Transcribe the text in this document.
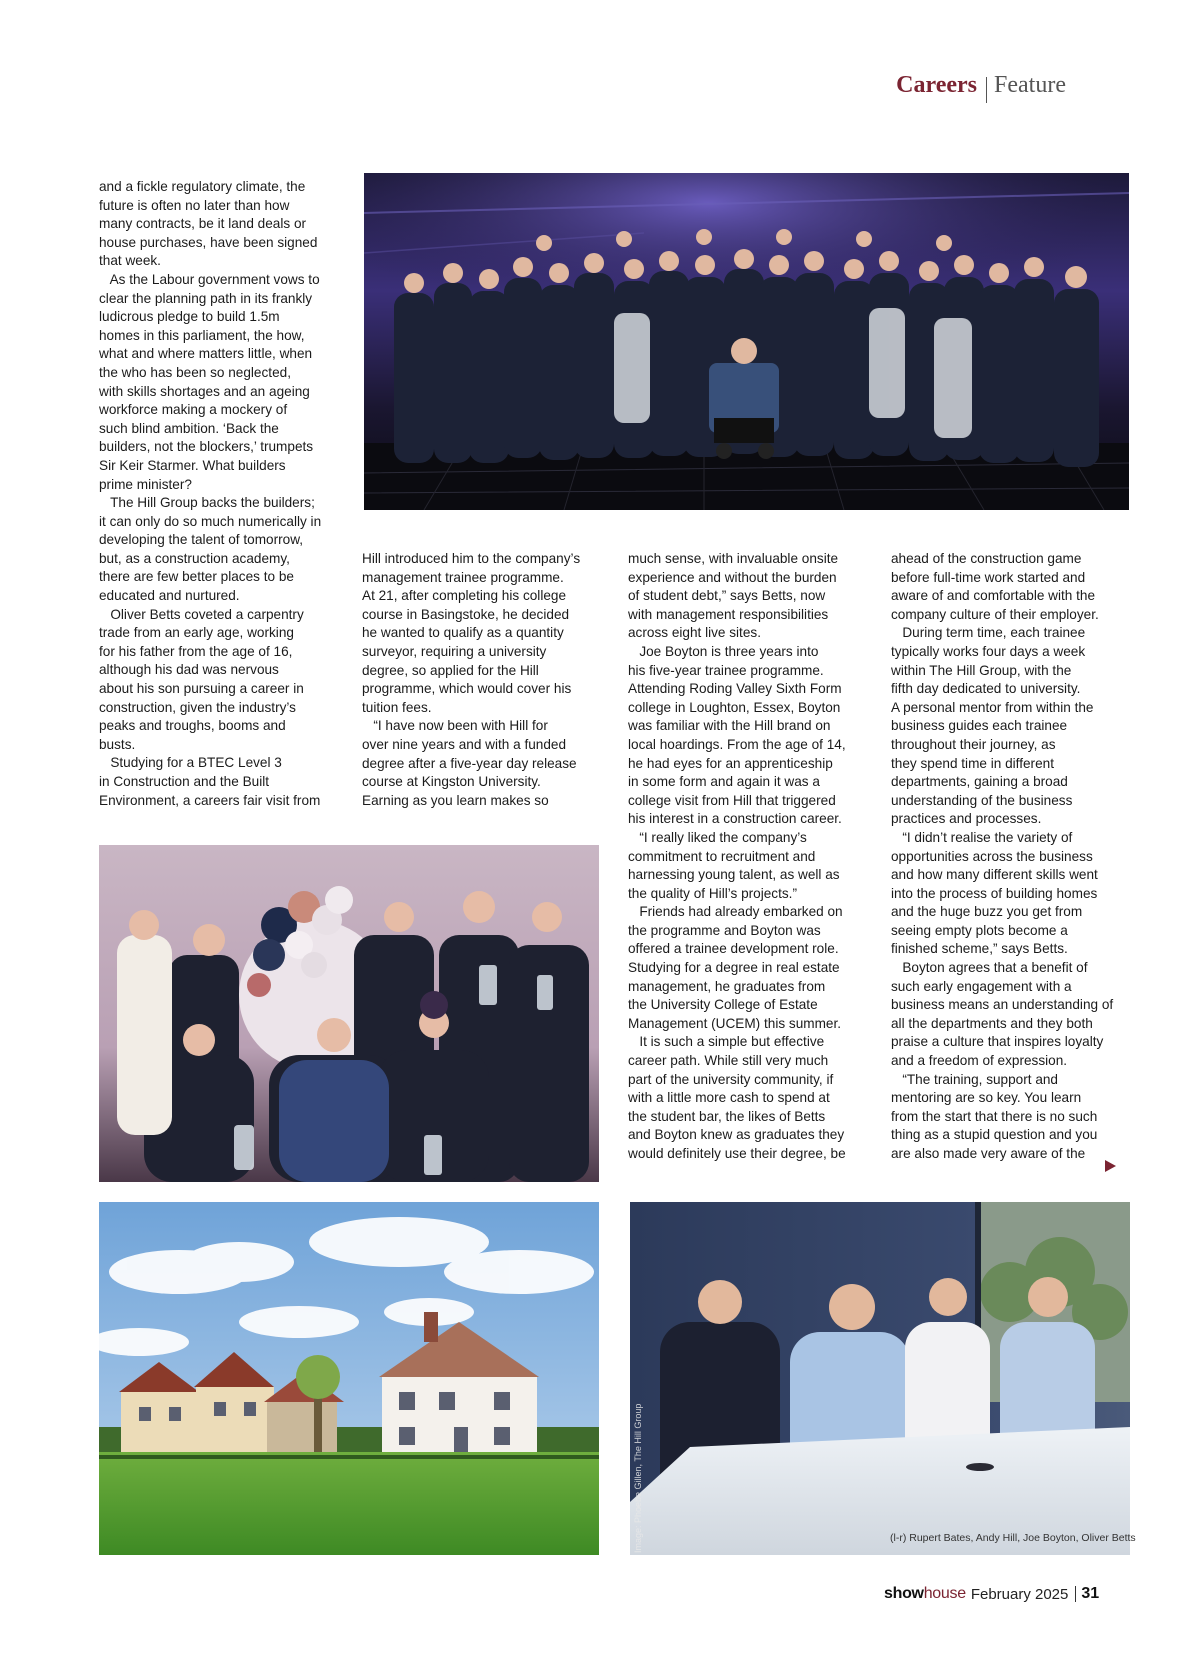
Careers Feature

and a fickle regulatory climate, the

future is often no later than how

many contracts, be it land deals or

house purchases, have been signed

that week.

As the Labour government vows to

clear the planning path in its frankly

ludicrous pledge to build 1.5m

homes in this parliament, the how,

what and where matters little, when

the who has been so neglected,

with skills shortages and an ageing

workforce making a mockery of

such blind ambition. ‘Back the

builders, not the blockers,’ trumpets

Sir Keir Starmer. What builders

prime minister?

The Hill Group backs the builders;

it can only do so much numerically in

developing the talent of tomorrow,

but, as a construction academy,

there are few better places to be

educated and nurtured.

Oliver Betts coveted a carpentry

trade from an early age, working

for his father from the age of 16,

although his dad was nervous

about his son pursuing a career in

construction, given the industry’s

peaks and troughs, booms and

busts.

Studying for a BTEC Level 3

in Construction and the Built

Environment, a careers fair visit from

Hill introduced him to the company’s

management trainee programme.

At 21, after completing his college

course in Basingstoke, he decided

he wanted to qualify as a quantity

surveyor, requiring a university

degree, so applied for the Hill

programme, which would cover his

tuition fees.

“I have now been with Hill for

over nine years and with a funded

degree after a five-year day release

course at Kingston University.

Earning as you learn makes so

much sense, with invaluable onsite

experience and without the burden

of student debt,” says Betts, now

with management responsibilities

across eight live sites.

Joe Boyton is three years into

his five-year trainee programme.

Attending Roding Valley Sixth Form

college in Loughton, Essex, Boyton

was familiar with the Hill brand on

local hoardings. From the age of 14,

he had eyes for an apprenticeship

in some form and again it was a

college visit from Hill that triggered

his interest in a construction career.

“I really liked the company’s

commitment to recruitment and

harnessing young talent, as well as

the quality of Hill’s projects.”

Friends had already embarked on

the programme and Boyton was

offered a trainee development role.

Studying for a degree in real estate

management, he graduates from

the University College of Estate

Management (UCEM) this summer.

It is such a simple but effective

career path. While still very much

part of the university community, if

with a little more cash to spend at

the student bar, the likes of Betts

and Boyton knew as graduates they

would definitely use their degree, be

ahead of the construction game

before full-time work started and

aware of and comfortable with the

company culture of their employer.

During term time, each trainee

typically works four days a week

within The Hill Group, with the

fifth day dedicated to university.

A personal mentor from within the

business guides each trainee

throughout their journey, as

they spend time in different

departments, gaining a broad

understanding of the business

practices and processes.

“I didn’t realise the variety of

opportunities across the business

and how many different skills went

into the process of building homes

and the huge buzz you get from

seeing empty plots become a

finished scheme,” says Betts.

Boyton agrees that a benefit of

such early engagement with a

business means an understanding of

all the departments and they both

praise a culture that inspires loyalty

and a freedom of expression.

“The training, support and

mentoring are so key. You learn

from the start that there is no such

thing as a stupid question and you

are also made very aware of the

(l-r) Rupert Bates, Andy Hill, Joe Boyton, Oliver Betts
Image: Phoebe Gillen, The Hill Group
show house February 2025 31
